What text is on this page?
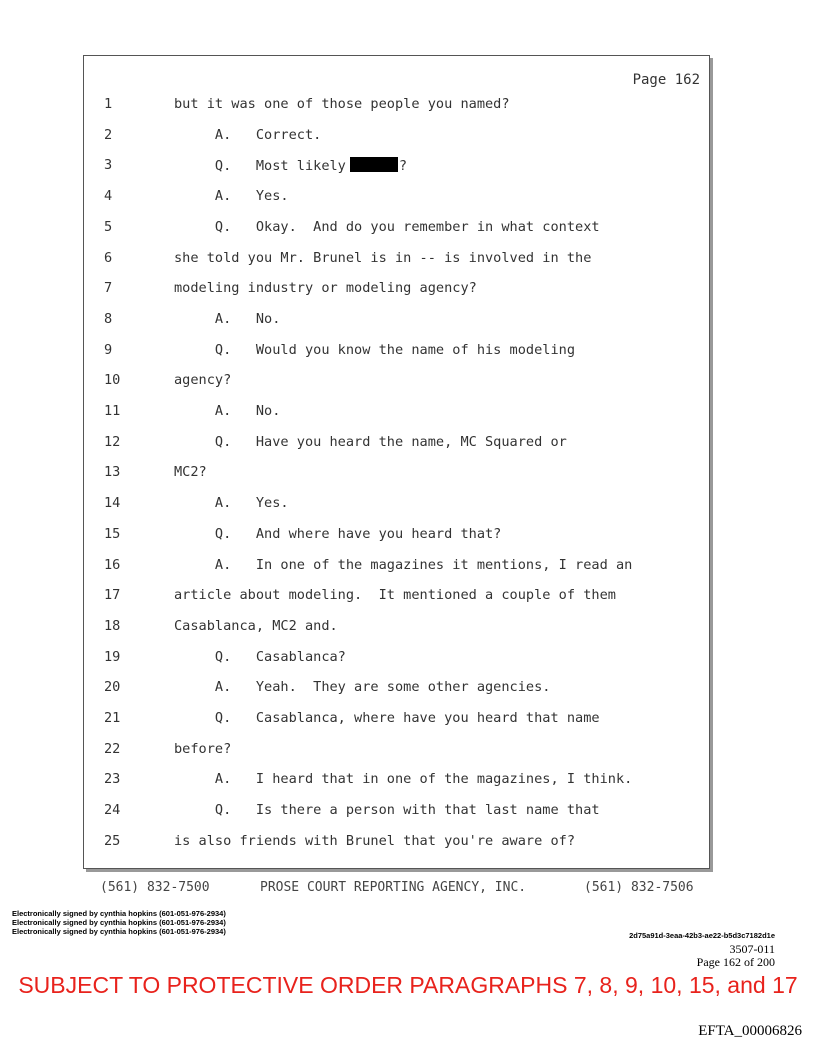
Page 162
1	but it was one of those people you named?
2	A.   Correct.
3	Q.   Most likely	?
4	A.   Yes.
5	Q.   Okay.  And do you remember in what context
6	she told you Mr. Brunel is in -- is involved in the
7	modeling industry or modeling agency?
8	A.   No.
9	Q.   Would you know the name of his modeling
10	agency?
11	A.   No.
12	Q.   Have you heard the name, MC Squared or
13	MC2?
14	A.   Yes.
15	Q.   And where have you heard that?
16	A.   In one of the magazines it mentions, I read an
17	article about modeling.  It mentioned a couple of them
18	Casablanca, MC2 and.
19	Q.   Casablanca?
20	A.   Yeah.  They are some other agencies.
21	Q.   Casablanca, where have you heard that name
22	before?
23	A.   I heard that in one of the magazines, I think.
24	Q.   Is there a person with that last name that
25	is also friends with Brunel that you're aware of?

(561) 832-7500

	PROSE COURT REPORTING AGENCY, INC.

	(561) 832-7506

Electronically signed by cynthia hopkins (601-051-976-2934)
Electronically signed by cynthia hopkins (601-051-976-2934)
Electronically signed by cynthia hopkins (601-051-976-2934)	2d75a91d-3eaa-42b3-ae22-b5d3c7182d1e
3507-011
Page 162 of 200
SUBJECT TO PROTECTIVE ORDER PARAGRAPHS 7, 8, 9, 10, 15, and 17
EFTA_00006826
